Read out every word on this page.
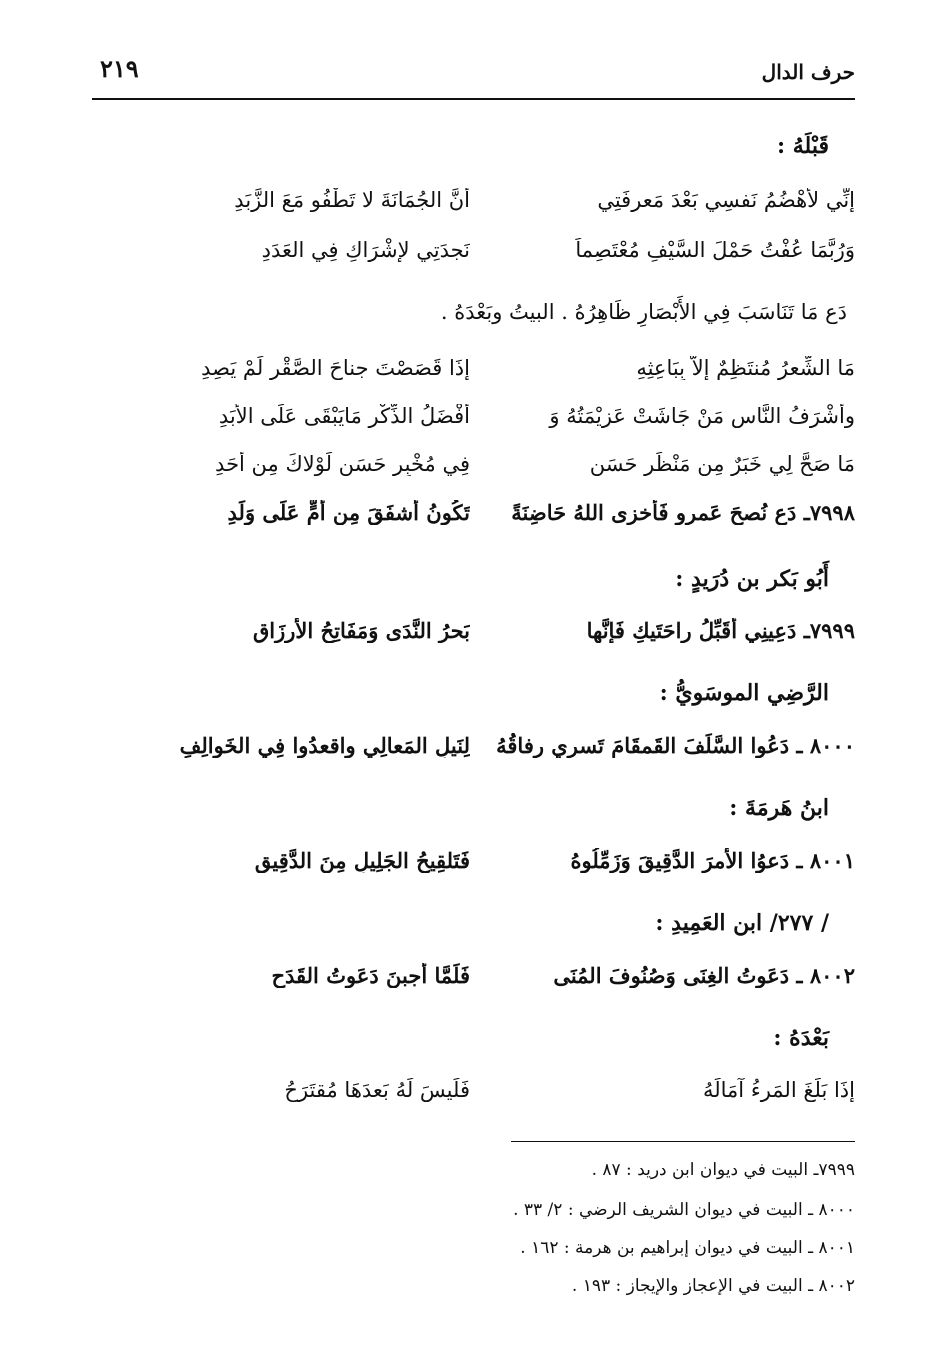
حرف الدال
٢١٩
قَبْلَهُ :
إِنِّي لأَهْضُمُ نَفسِي بَعْدَ مَعرِفَتِي
أَنَّ الجُمَانَةَ لا تَطْفُو مَعَ الزَّبَدِ
وَرُبَّمَا عُفْتُ حَمْلَ السَّيْفِ مُعْتَصِماً
نَجدَتِي لإِشْرَاكِ فِي العَدَدِ
دَع مَا تَنَاسَبَ فِي الأَبْصَارِ ظَاهِرُهُ . البيتُ وبَعْدَهُ .
مَا الشِّعرُ مُنتَظِمٌ إلاّ بِبَاعِثِهِ
إِذَا قَصَصْتَ جناحَ الصَّقْرِ لَمْ يَصِدِ
وأَشْرَفُ النَّاسِ مَنْ جَاشَتْ عَزِيْمَتُهُ وَ
أَفْضَلُ الذِّكْرِ مَايَبْقَى عَلَى الأَبَدِ
مَا صَحَّ لِي خَبَرٌ مِن مَنْظَرٍ حَسَنٍ
فِي مُخْبِرٍ حَسَنٍ لَوْلاكَ مِن أَحَدِ
٧٩٩٨ـ دَع نُصحَ عَمرو فَأَخزى اللهُ حَاضِنَةً
تَكُونُ أَشفَقَ مِن أُمٍّ عَلَى وَلَدِ
أَبُو بَكر بن دُرَيدٍ :
٧٩٩٩ـ دَعِينِي أُقَبِّلُ راحَتَيكِ فَإِنَّها
بَحرُ النَّدَى وَمَفَاتِحُ الأَرزَاقِ
الرَّضِي الموسَويُّ :
٨٠٠٠ ـ دَعُوا السَّلَفَ القَمقَامَ تَسرِي رِفاقُهُ
لِنَيلِ المَعالِي واقعدُوا فِي الخَوالِفِ
ابنُ هَرمَةَ :
٨٠٠١ ـ دَعوُا الأَمرَ الدَّقِيقَ وَزَمِّلُوهُ
فَتَلقِيحُ الجَلِيلِ مِنَ الدَّقِيقِ
/ ٢٧٧/ ابن العَمِيدِ :
٨٠٠٢ ـ دَعَوتُ الغِنَى وَصُنُوفَ المُنَى
فَلَمَّا أَجبنَ دَعَوتُ القَدَح
بَعْدَهُ :
إِذَا بَلَغَ المَرءُ آمَالَهُ
فَلَيسَ لَهُ بَعدَهَا مُقتَرَحُ
٧٩٩٩ـ البيت في ديوان ابن دريد : ٨٧ .
٨٠٠٠ ـ البيت في ديوان الشريف الرضي : ٢/ ٣٣ .
٨٠٠١ ـ البيت في ديوان إبراهيم بن هرمة : ١٦٢ .
٨٠٠٢ ـ البيت في الإعجاز والإيجاز : ١٩٣ .
